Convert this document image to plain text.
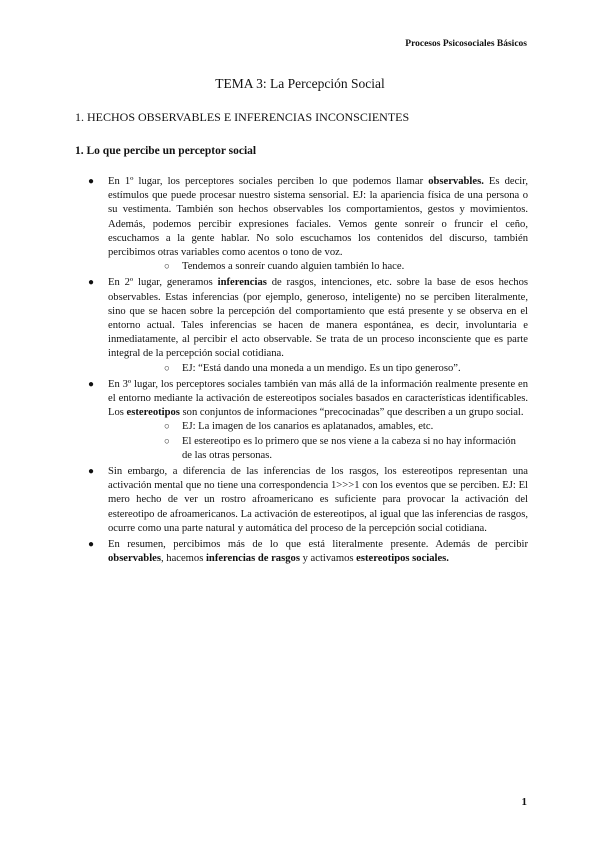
Procesos Psicosociales Básicos
TEMA 3: La Percepción Social
1. HECHOS OBSERVABLES E INFERENCIAS INCONSCIENTES
1. Lo que percibe un perceptor social
● En 1º lugar, los perceptores sociales perciben lo que podemos llamar observables. Es decir, estímulos que puede procesar nuestro sistema sensorial. EJ: la apariencia física de una persona o su vestimenta. También son hechos observables los comportamientos, gestos y movimientos. Además, podemos percibir expresiones faciales. Vemos gente sonreír o fruncir el ceño, escuchamos a la gente hablar. No solo escuchamos los contenidos del discurso, también percibimos otras variables como acentos o tono de voz.

○ Tendemos a sonreír cuando alguien también lo hace.
● En 2º lugar, generamos inferencias de rasgos, intenciones, etc. sobre la base de esos hechos observables. Estas inferencias (por ejemplo, generoso, inteligente) no se perciben literalmente, sino que se hacen sobre la percepción del comportamiento que está presente y se observa en el entorno actual. Tales inferencias se hacen de manera espontánea, es decir, involuntaria e inmediatamente, al percibir el acto observable. Se trata de un proceso inconsciente que es parte integral de la percepción social cotidiana.

○ EJ: “Está dando una moneda a un mendigo. Es un tipo generoso”.
● En 3º lugar, los perceptores sociales también van más allá de la información realmente presente en el entorno mediante la activación de estereotipos sociales basados en características identificables. Los estereotipos son conjuntos de informaciones “precocinadas” que describen a un grupo social.

○ EJ: La imagen de los canarios es aplatanados, amables, etc.
○ El estereotipo es lo primero que se nos viene a la cabeza si no hay información de las otras personas.
● Sin embargo, a diferencia de las inferencias de los rasgos, los estereotipos representan una activación mental que no tiene una correspondencia 1>>>1 con los eventos que se perciben. EJ: El mero hecho de ver un rostro afroamericano es suficiente para provocar la activación del estereotipo de afroamericanos. La activación de estereotipos, al igual que las inferencias de rasgos, ocurre como una parte natural y automática del proceso de la percepción social cotidiana.

● En resumen, percibimos más de lo que está literalmente presente. Además de percibir observables, hacemos inferencias de rasgos y activamos estereotipos sociales.

1
